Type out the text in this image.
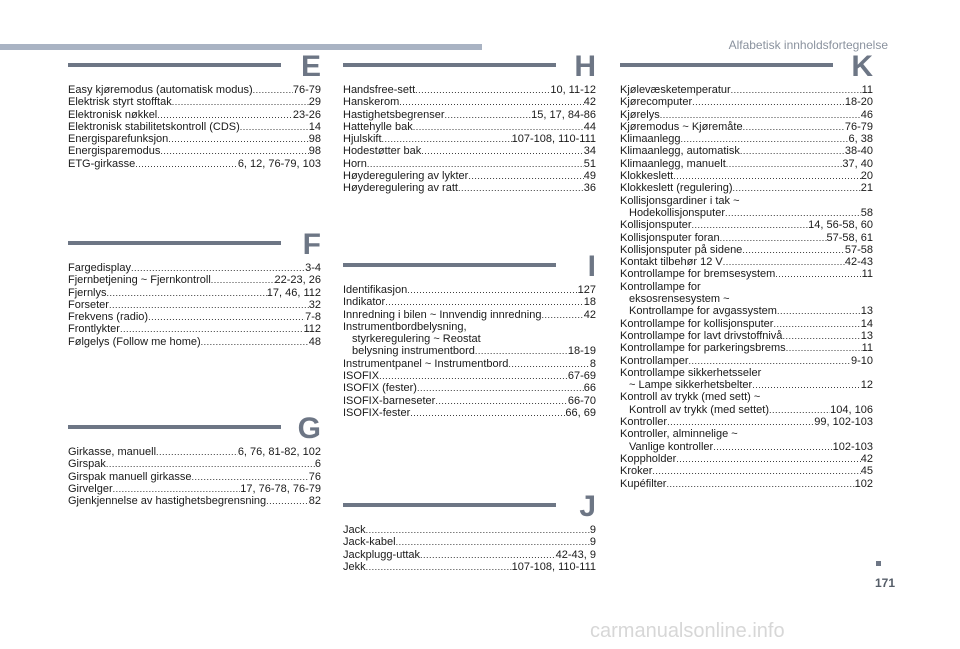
Alfabetisk innholdsfortegnelse
E
Easy kjøremodus (automatisk modus) .....	76-79
Elektrisk styrt stofftak .....	29
Elektronisk nøkkel .....	23-26
Elektronisk stabilitetskontroll (CDS) .....	14
Energisparefunksjon .....	98
Energisparemodus .....	98
ETG-girkasse .....	6, 12, 76-79, 103
F
Fargedisplay .....	3-4
Fjernbetjening ~ Fjernkontroll .....	22-23, 26
Fjernlys .....	17, 46, 112
Forseter .....	32
Frekvens (radio) .....	7-8
Frontlykter .....	112
Følgelys (Follow me home) .....	48
G
Girkasse, manuell .....	6, 76, 81-82, 102
Girspak .....	6
Girspak manuell girkasse .....	76
Girvelger .....	17, 76-78, 76-79
Gjenkjennelse av hastighetsbegrensning .....	82
H
Handsfree-sett .....	10, 11-12
Hanskerom .....	42
Hastighetsbegrenser .....	15, 17, 84-86
Hattehylle bak .....	44
Hjulskift .....	107-108, 110-111
Hodestøtter bak .....	34
Horn .....	51
Høyderegulering av lykter .....	49
Høyderegulering av ratt .....	36
I
Identifikasjon .....	127
Indikator .....	18
Innredning i bilen ~ Innvendig innredning .....	42
Instrumentbordbelysning,
styrkeregulering ~ Reostat
belysning instrumentbord .....	18-19
Instrumentpanel ~ Instrumentbord .....	8
ISOFIX .....	67-69
ISOFIX (fester) .....	66
ISOFIX-barneseter .....	66-70
ISOFIX-fester .....	66, 69
J
Jack .....	9
Jack-kabel .....	9
Jackplugg-uttak .....	42-43, 9
Jekk .....	107-108, 110-111
K
Kjølevæsketemperatur .....	11
Kjørecomputer .....	18-20
Kjørelys .....	46
Kjøremodus ~ Kjøremåte .....	76-79
Klimaanlegg .....	6, 38
Klimaanlegg, automatisk .....	38-40
Klimaanlegg, manuelt .....	37, 40
Klokkeslett .....	20
Klokkeslett (regulering) .....	21
Kollisjonsgardiner i tak ~
Hodekollisjonsputer .....	58
Kollisjonsputer .....	14, 56-58, 60
Kollisjonsputer foran .....	57-58, 61
Kollisjonsputer på sidene .....	57-58
Kontakt tilbehør 12 V .....	42-43
Kontrollampe for bremsesystem .....	11
Kontrollampe for
eksosrensesystem ~
Kontrollampe for avgassystem .....	13
Kontrollampe for kollisjonsputer .....	14
Kontrollampe for lavt drivstoffnivå .....	13
Kontrollampe for parkeringsbrems .....	11
Kontrollamper .....	9-10
Kontrollampe sikkerhetsseler
~ Lampe sikkerhetsbelter .....	12
Kontroll av trykk (med sett) ~
Kontroll av trykk (med settet) .....	104, 106
Kontroller .....	99, 102-103
Kontroller, alminnelige ~
Vanlige kontroller .....	102-103
Koppholder .....	42
Kroker .....	45
Kupéfilter .....	102
171
carmanualsonline.info
